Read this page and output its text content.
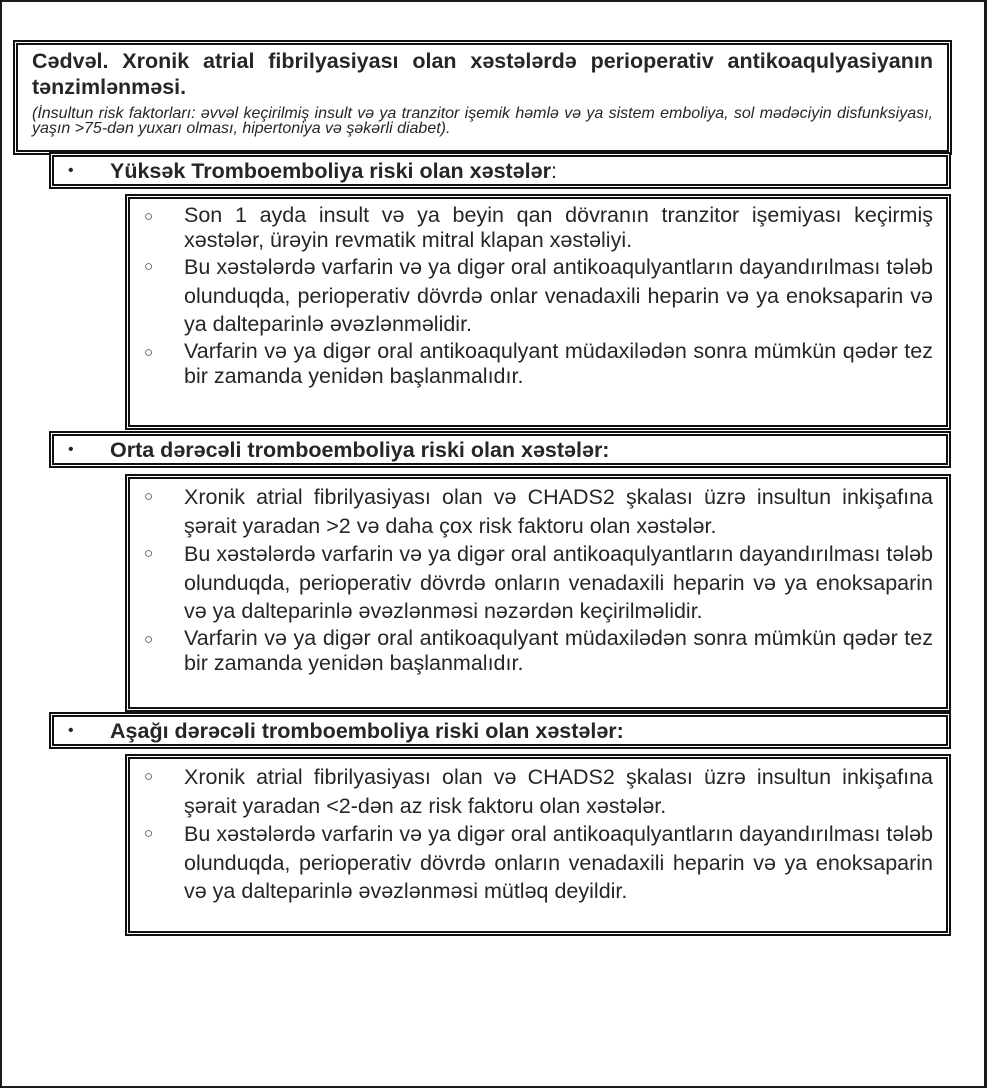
Cədvəl. Xronik atrial fibrilyasiyası olan xəstələrdə perioperativ antikoaqulyasiyanın tənzimlənməsi.

(İnsultun risk faktorları: əvvəl keçirilmiş insult və ya tranzitor işemik həmlə və ya sistem emboliya, sol mədəciyin disfunksiyası, yaşın >75-dən yuxarı olması, hipertoniya və şəkərli diabet).
•	Yüksək Tromboemboliya riski olan xəstələr:
○	Son 1 ayda insult və ya beyin qan dövranın tranzitor işemiyası keçirmiş xəstələr, ürəyin revmatik mitral klapan xəstəliyi.
○	Bu xəstələrdə varfarin və ya digər oral antikoaqulyantların dayandırılması tələb olunduqda, perioperativ dövrdə onlar venadaxili heparin və ya enoksaparin və ya dalteparinlə əvəzlənməlidir.
○	Varfarin və ya digər oral antikoaqulyant müdaxilədən sonra mümkün qədər tez bir zamanda yenidən başlanmalıdır.
•	Orta dərəcəli tromboemboliya riski olan xəstələr:
○	Xronik atrial fibrilyasiyası olan və CHADS2 şkalası üzrə insultun inkişafına şərait yaradan >2 və daha çox risk faktoru olan xəstələr.
○	Bu xəstələrdə varfarin və ya digər oral antikoaqulyantların dayandırılması tələb olunduqda, perioperativ dövrdə onların venadaxili heparin və ya enoksaparin və ya dalteparinlə əvəzlənməsi nəzərdən keçirilməlidir.
○	Varfarin və ya digər oral antikoaqulyant müdaxilədən sonra mümkün qədər tez bir zamanda yenidən başlanmalıdır.
•	Aşağı dərəcəli tromboemboliya riski olan xəstələr:
○	Xronik atrial fibrilyasiyası olan və CHADS2 şkalası üzrə insultun inkişafına şərait yaradan <2-dən az risk faktoru olan xəstələr.
○	Bu xəstələrdə varfarin və ya digər oral antikoaqulyantların dayandırılması tələb olunduqda, perioperativ dövrdə onların venadaxili heparin və ya enoksaparin və ya dalteparinlə əvəzlənməsi mütləq deyildir.
